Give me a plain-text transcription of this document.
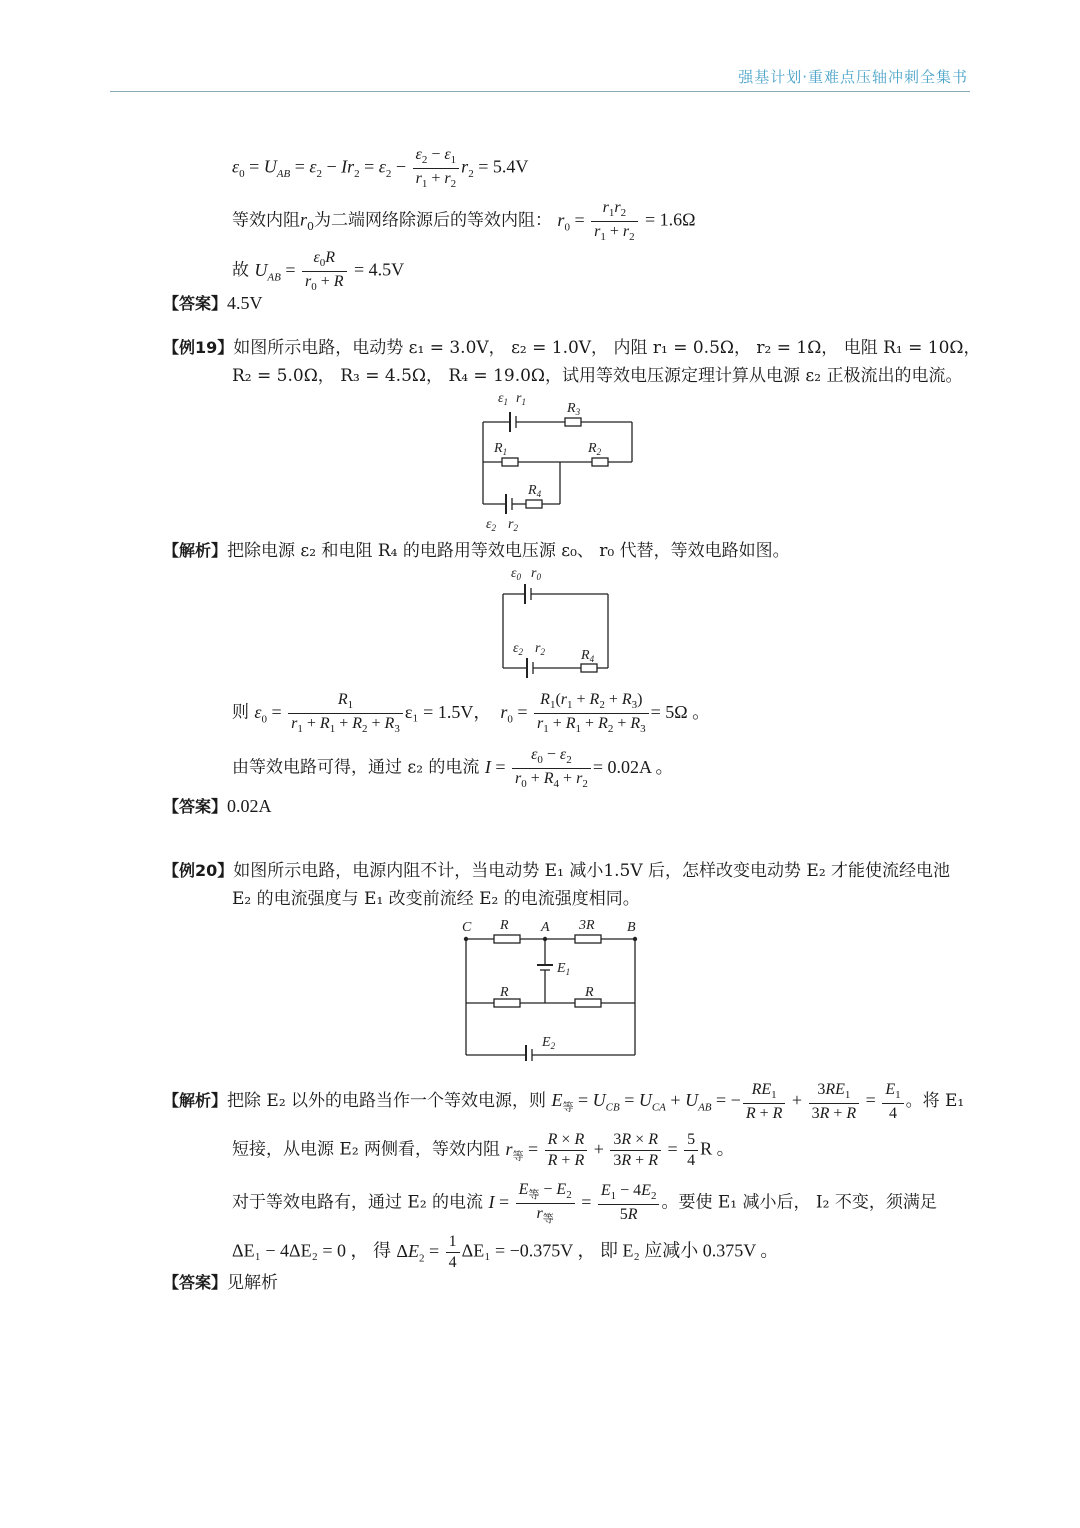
强基计划·重难点压轴冲刺全集书
$\varepsilon_0 = U_{AB} = \varepsilon_2 - Ir_2 = \varepsilon_2 - \frac{\varepsilon_2 - \varepsilon_1}{r_1 + r_2} r_2 = 5.4V$
等效内阻$r_0$为二端网络除源后的等效内阻： $r_0 = \frac{r_1r_2}{r_1 + r_2} = 1.6\Omega$
故 $U_{AB} = \frac{\varepsilon_0R}{r_0 + R} = 4.5V$
【答案】4.5V
【例19】如图所示电路，电动势 ε₁ = 3.0V， ε₂ = 1.0V， 内阻 r₁ = 0.5Ω， r₂ = 1Ω， 电阻 R₁ = 10Ω，
R₂ = 5.0Ω， R₃ = 4.5Ω， R₄ = 19.0Ω，试用等效电压源定理计算从电源 ε₂ 正极流出的电流。
$\varepsilon_1$ $r_1$	$R_3$
$R_1$	$R_2$
$R_4$
$\varepsilon_2$ $r_2$
【解析】把除电源 ε₂ 和电阻 R₄ 的电路用等效电压源 ε₀、 r₀ 代替，等效电路如图。
$\varepsilon_0$ $r_0$
$\varepsilon_2$ $r_2$	$R_4$
则 $\varepsilon_0 = \frac{R_1}{r_1 + R_1 + R_2 + R_3} \varepsilon_1 = 1.5V$， $r_0 = \frac{R_1(r_1 + R_2 + R_3)}{r_1 + R_1 + R_2 + R_3} = 5\Omega$ 。
由等效电路可得，通过 ε₂ 的电流 $I = \frac{\varepsilon_0 - \varepsilon_2}{r_0 + R_4 + r_2} = 0.02A$ 。
【答案】0.02A
【例20】如图所示电路，电源内阻不计，当电动势 E₁ 减小1.5V 后，怎样改变电动势 E₂ 才能使流经电池
E₂ 的电流强度与 E₁ 改变前流经 E₂ 的电流强度相同。
C R A 3R B
$E_1$
R	R
$E_2$
【解析】把除 E₂ 以外的电路当作一个等效电源，则 $E_等 = U_{CB} = U_{CA} + U_{AB}$ = − $\frac{RE_1}{R + R} + \frac{3RE_1}{3R + R} = \frac{E_1}{4}$ 。将 E₁
短接，从电源 E₂ 两侧看，等效内阻 $r_等 = \frac{R \times R}{R + R} + \frac{3R \times R}{3R + R} = \frac{5}{4}$ R 。
对于等效电路有，通过 E₂ 的电流 $I = \frac{E_等 - E_2}{r_等} = \frac{E_1 - 4E_2}{5R}$ 。要使 E₁ 减小后， I₂ 不变，须满足
ΔE₁ − 4ΔE₂ = 0 ， 得 $\Delta E_2 = \frac{1}{4} \Delta E_1 = -0.375V$ ， 即 E₂ 应减小 0.375V 。
【答案】见解析
